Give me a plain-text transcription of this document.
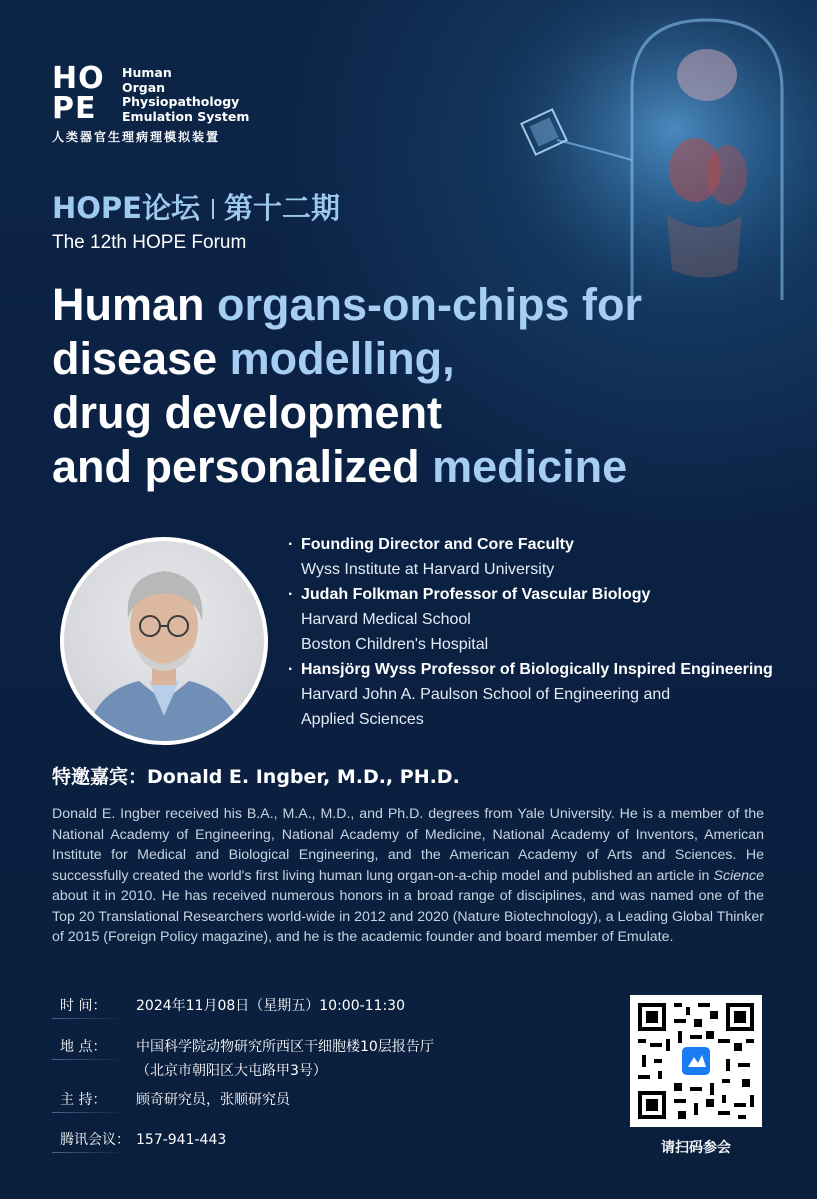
HO
PE
Human
Organ
Physiopathology
Emulation System
人类器官生理病理模拟装置
HOPE论坛 第十二期
The 12th HOPE Forum
Human organs-on-chips for
disease modelling,
drug development
and personalized medicine
· Founding Director and Core Faculty
Wyss Institute at Harvard University
· Judah Folkman Professor of Vascular Biology
Harvard Medical School
Boston Children's Hospital
· Hansjörg Wyss Professor of Biologically Inspired Engineering
Harvard John A. Paulson School of Engineering and
Applied Sciences
特邀嘉宾：Donald E. Ingber, M.D., PH.D.
Donald E. Ingber received his B.A., M.A., M.D., and Ph.D. degrees from Yale University. He is a member of the National Academy of Engineering, National Academy of Medicine, National Academy of Inventors, American Institute for Medical and Biological Engineering, and the American Academy of Arts and Sciences. He successfully created the world's first living human lung organ-on-a-chip model and published an article in Science about it in 2010. He has received numerous honors in a broad range of disciplines, and was named one of the Top 20 Translational Researchers world-wide in 2012 and 2020 (Nature Biotechnology), a Leading Global Thinker of 2015 (Foreign Policy magazine), and he is the academic founder and board member of Emulate.
时 间： 2024年11月08日（星期五）10:00-11:30
地 点： 中国科学院动物研究所西区干细胞楼10层报告厅
（北京市朝阳区大屯路甲3号）
主 持： 顾奇研究员，张顺研究员
腾讯会议： 157-941-443	请扫码参会
